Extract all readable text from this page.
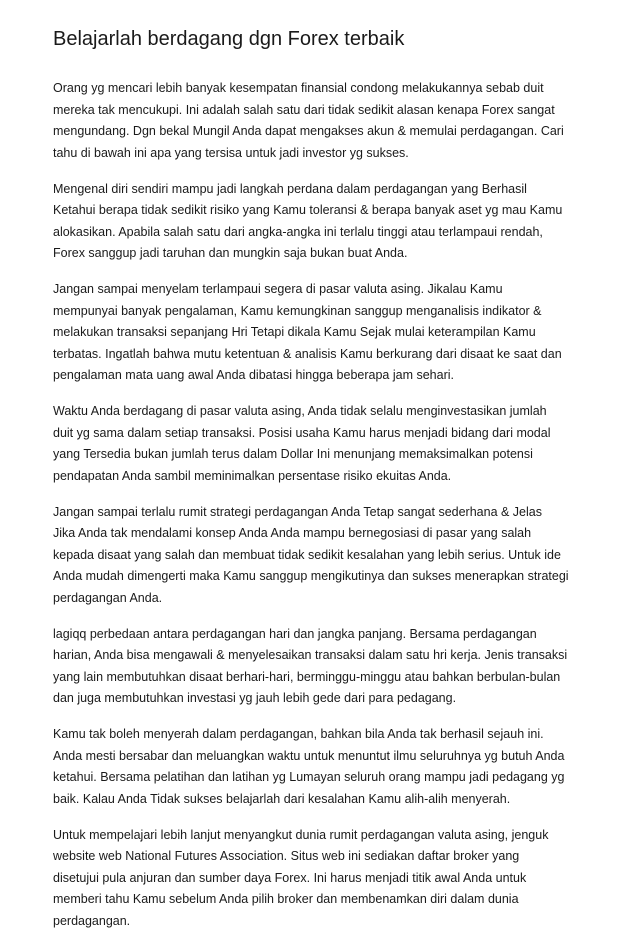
Belajarlah berdagang dgn Forex terbaik

Orang yg mencari lebih banyak kesempatan finansial condong melakukannya sebab duit
mereka tak mencukupi. Ini adalah salah satu dari tidak sedikit alasan kenapa Forex sangat
mengundang. Dgn bekal Mungil Anda dapat mengakses akun & memulai perdagangan. Cari
tahu di bawah ini apa yang tersisa untuk jadi investor yg sukses.

Mengenal diri sendiri mampu jadi langkah perdana dalam perdagangan yang Berhasil
Ketahui berapa tidak sedikit risiko yang Kamu toleransi & berapa banyak aset yg mau Kamu
alokasikan. Apabila salah satu dari angka-angka ini terlalu tinggi atau terlampaui rendah,
Forex sanggup jadi taruhan dan mungkin saja bukan buat Anda.

Jangan sampai menyelam terlampaui segera di pasar valuta asing. Jikalau Kamu
mempunyai banyak pengalaman, Kamu kemungkinan sanggup menganalisis indikator &
melakukan transaksi sepanjang Hri Tetapi dikala Kamu Sejak mulai keterampilan Kamu
terbatas. Ingatlah bahwa mutu ketentuan & analisis Kamu berkurang dari disaat ke saat dan
pengalaman mata uang awal Anda dibatasi hingga beberapa jam sehari.

Waktu Anda berdagang di pasar valuta asing, Anda tidak selalu menginvestasikan jumlah
duit yg sama dalam setiap transaksi. Posisi usaha Kamu harus menjadi bidang dari modal
yang Tersedia bukan jumlah terus dalam Dollar Ini menunjang memaksimalkan potensi
pendapatan Anda sambil meminimalkan persentase risiko ekuitas Anda.

Jangan sampai terlalu rumit strategi perdagangan Anda Tetap sangat sederhana & Jelas
Jika Anda tak mendalami konsep Anda Anda mampu bernegosiasi di pasar yang salah
kepada disaat yang salah dan membuat tidak sedikit kesalahan yang lebih serius. Untuk ide
Anda mudah dimengerti maka Kamu sanggup mengikutinya dan sukses menerapkan strategi
perdagangan Anda.

lagiqq perbedaan antara perdagangan hari dan jangka panjang. Bersama perdagangan
harian, Anda bisa mengawali & menyelesaikan transaksi dalam satu hri kerja. Jenis transaksi
yang lain membutuhkan disaat berhari-hari, berminggu-minggu atau bahkan berbulan-bulan
dan juga membutuhkan investasi yg jauh lebih gede dari para pedagang.

Kamu tak boleh menyerah dalam perdagangan, bahkan bila Anda tak berhasil sejauh ini.
Anda mesti bersabar dan meluangkan waktu untuk menuntut ilmu seluruhnya yg butuh Anda
ketahui. Bersama pelatihan dan latihan yg Lumayan seluruh orang mampu jadi pedagang yg
baik. Kalau Anda Tidak sukses belajarlah dari kesalahan Kamu alih-alih menyerah.

Untuk mempelajari lebih lanjut menyangkut dunia rumit perdagangan valuta asing, jenguk
website web National Futures Association. Situs web ini sediakan daftar broker yang
disetujui pula anjuran dan sumber daya Forex. Ini harus menjadi titik awal Anda untuk
memberi tahu Kamu sebelum Anda pilih broker dan membenamkan diri dalam dunia
perdagangan.
